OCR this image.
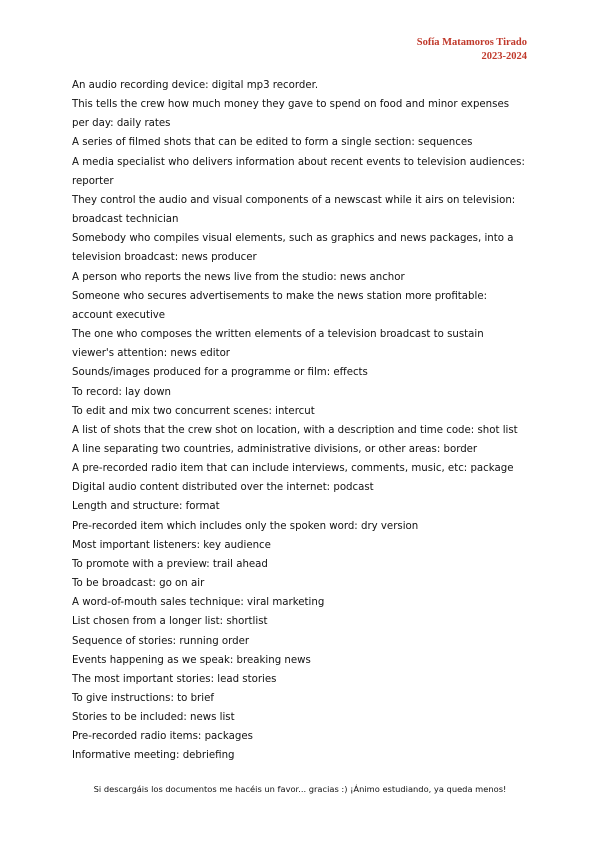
Sofía Matamoros Tirado
2023-2024

An audio recording device: digital mp3 recorder.

This tells the crew how much money they gave to spend on food and minor expenses per day: daily rates

A series of filmed shots that can be edited to form a single section: sequences

A media specialist who delivers information about recent events to television audiences: reporter

They control the audio and visual components of a newscast while it airs on television: broadcast technician

Somebody who compiles visual elements, such as graphics and news packages, into a television broadcast: news producer

A person who reports the news live from the studio: news anchor

Someone who secures advertisements to make the news station more profitable: account executive

The one who composes the written elements of a television broadcast to sustain viewer's attention: news editor

Sounds/images produced for a programme or film: effects

To record: lay down

To edit and mix two concurrent scenes: intercut

A list of shots that the crew shot on location, with a description and time code: shot list

A line separating two countries, administrative divisions, or other areas: border

A pre-recorded radio item that can include interviews, comments, music, etc: package

Digital audio content distributed over the internet: podcast

Length and structure: format

Pre-recorded item which includes only the spoken word: dry version

Most important listeners: key audience

To promote with a preview: trail ahead

To be broadcast: go on air

A word-of-mouth sales technique: viral marketing

List chosen from a longer list: shortlist

Sequence of stories: running order

Events happening as we speak: breaking news

The most important stories: lead stories

To give instructions: to brief

Stories to be included: news list

Pre-recorded radio items: packages

Informative meeting: debriefing

Si descargáis los documentos me hacéis un favor... gracias :) ¡Ánimo estudiando, ya queda menos!
